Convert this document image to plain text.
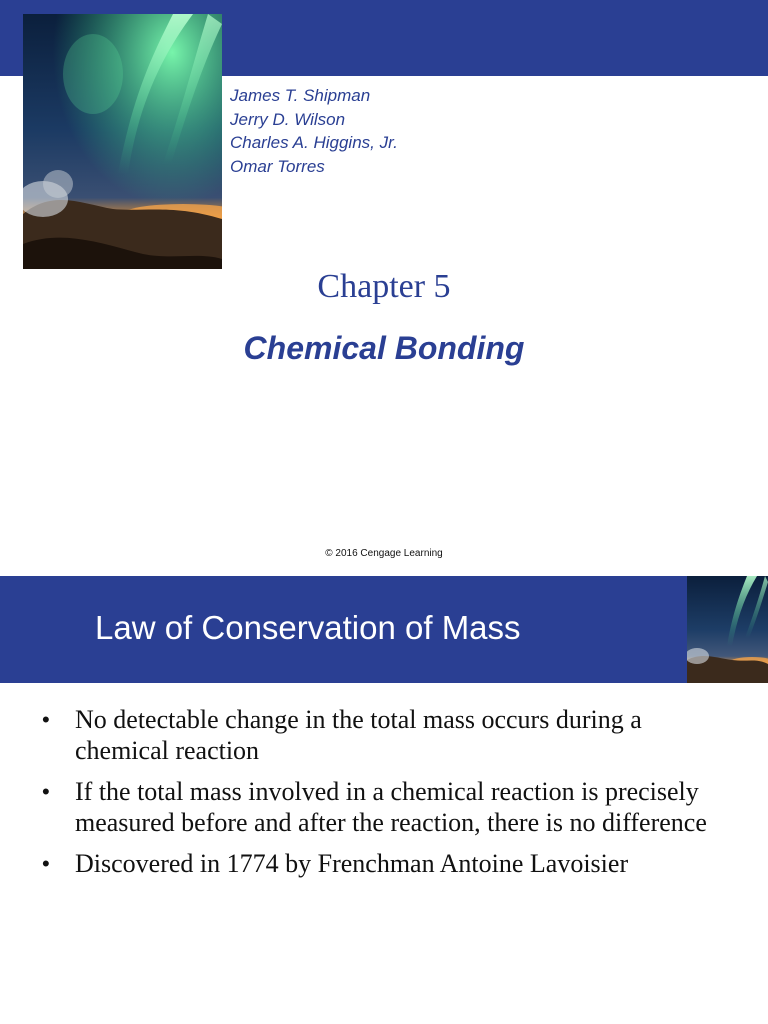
James T. Shipman
Jerry D. Wilson
Charles A. Higgins, Jr.
Omar Torres
Chapter 5
Chemical Bonding
© 2016 Cengage Learning
Law of Conservation of Mass
• No detectable change in the total mass occurs during a chemical reaction
• If the total mass involved in a chemical reaction is precisely measured before and after the reaction, there is no difference
• Discovered in 1774 by Frenchman Antoine Lavoisier
